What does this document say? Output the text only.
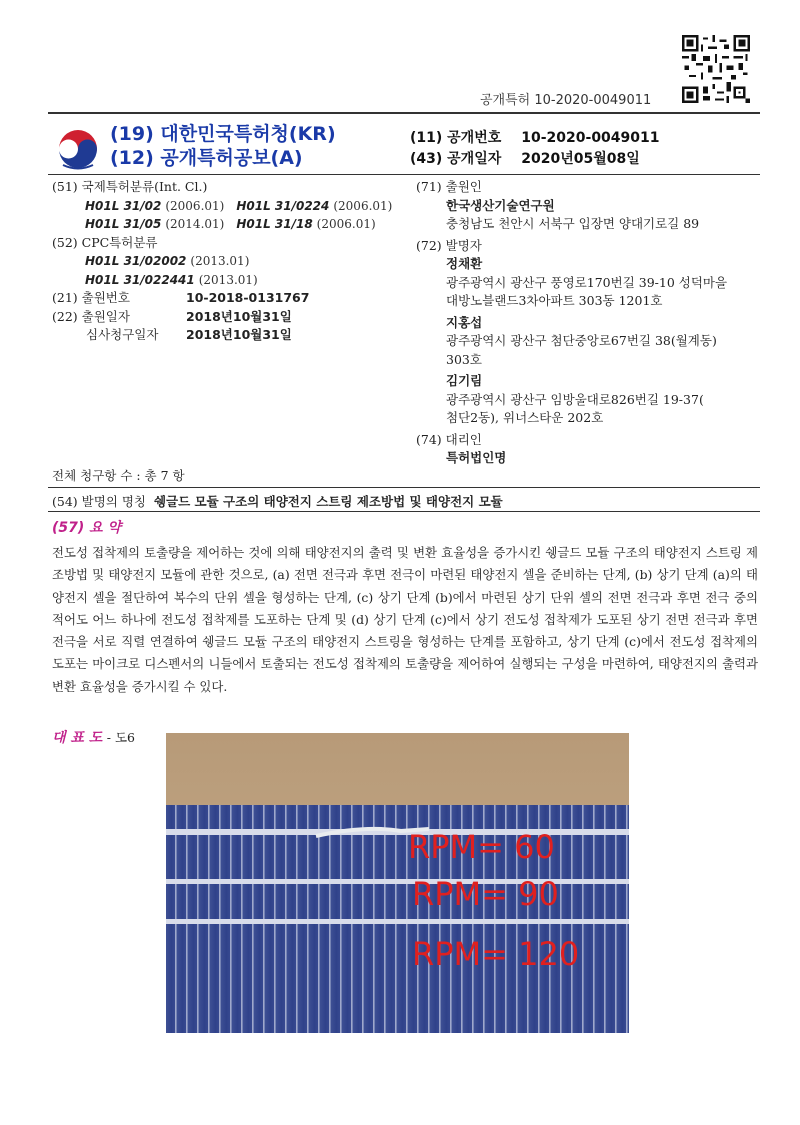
공개특허 10-2020-0049011
(19) 대한민국특허청(KR)
(12) 공개특허공보(A)
(11) 공개번호 10-2020-0049011
(43) 공개일자 2020년05월08일
(51) 국제특허분류(Int. Cl.)
H01L 31/02 (2006.01) H01L 31/0224 (2006.01)
H01L 31/05 (2014.01) H01L 31/18 (2006.01)
(52) CPC특허분류
H01L 31/02002 (2013.01)
H01L 31/022441 (2013.01)
(21) 출원번호	10-2018-0131767
(22) 출원일자	2018년10월31일
심사청구일자 2018년10월31일
(71) 출원인
한국생산기술연구원
충청남도 천안시 서북구 입장면 양대기로길 89
(72) 발명자
정채환
광주광역시 광산구 풍영로170번길 39-10 성덕마을
대방노블랜드3차아파트 303동 1201호
지홍섭
광주광역시 광산구 첨단중앙로67번길 38(월계동)
303호
김기림
광주광역시 광산구 임방울대로826번길 19-37(
첨단2동), 위너스타운 202호
(74) 대리인
특허법인명
전체 청구항 수 : 총 7 항
(54) 발명의 명칭 쉥글드 모듈 구조의 태양전지 스트링 제조방법 및 태양전지 모듈
(57) 요 약
전도성 접착제의 토출량을 제어하는 것에 의해 태양전지의 출력 및 변환 효율성을 증가시킨 쉥글드 모듈 구조의 태양전지 스트링 제조방법 및 태양전지 모듈에 관한 것으로, (a) 전면 전극과 후면 전극이 마련된 태양전지 셀을 준비하는 단계, (b) 상기 단계 (a)의 태양전지 셀을 절단하여 복수의 단위 셀을 형성하는 단계, (c) 상기 단계 (b)에서 마련된 상기 단위 셀의 전면 전극과 후면 전극 중의 적어도 어느 하나에 전도성 접착제를 도포하는 단계 및 (d) 상기 단계 (c)에서 상기 전도성 접착제가 도포된 상기 전면 전극과 후면 전극을 서로 직렬 연결하여 쉥글드 모듈 구조의 태양전지 스트링을 형성하는 단계를 포함하고, 상기 단계 (c)에서 전도성 접착제의 도포는 마이크로 디스펜서의 니들에서 토출되는 전도성 접착제의 토출량을 제어하여 실행되는 구성을 마련하여, 태양전지의 출력과 변환 효율성을 증가시킬 수 있다.
대 표 도 - 도6
RPM= 60
RPM= 90
RPM= 120
